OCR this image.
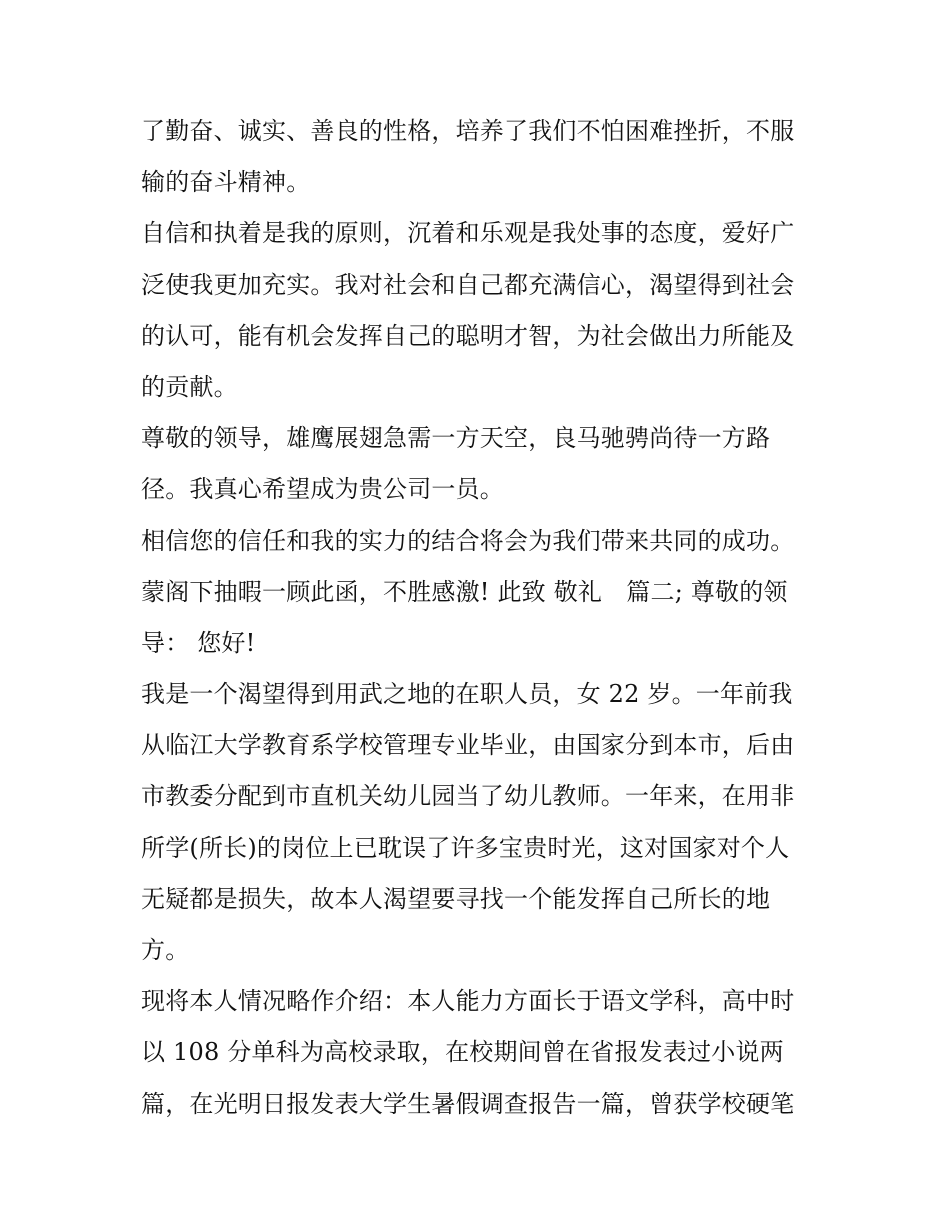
了勤奋、诚实、善良的性格，培养了我们不怕困难挫折，不服
输的奋斗精神。
自信和执着是我的原则，沉着和乐观是我处事的态度，爱好广
泛使我更加充实。我对社会和自己都充满信心，渴望得到社会
的认可，能有机会发挥自己的聪明才智，为社会做出力所能及
的贡献。
尊敬的领导，雄鹰展翅急需一方天空，良马驰骋尚待一方路
径。我真心希望成为贵公司一员。
相信您的信任和我的实力的结合将会为我们带来共同的成功。
蒙阁下抽暇一顾此函，不胜感激! 此致 敬礼　篇二; 尊敬的领
导： 您好!
我是一个渴望得到用武之地的在职人员，女 22 岁。一年前我
从临江大学教育系学校管理专业毕业，由国家分到本市，后由
市教委分配到市直机关幼儿园当了幼儿教师。一年来，在用非
所学(所长)的岗位上已耽误了许多宝贵时光，这对国家对个人
无疑都是损失，故本人渴望要寻找一个能发挥自己所长的地
方。
现将本人情况略作介绍：本人能力方面长于语文学科，高中时
以 108 分单科为高校录取，在校期间曾在省报发表过小说两
篇，在光明日报发表大学生暑假调查报告一篇，曾获学校硬笔
